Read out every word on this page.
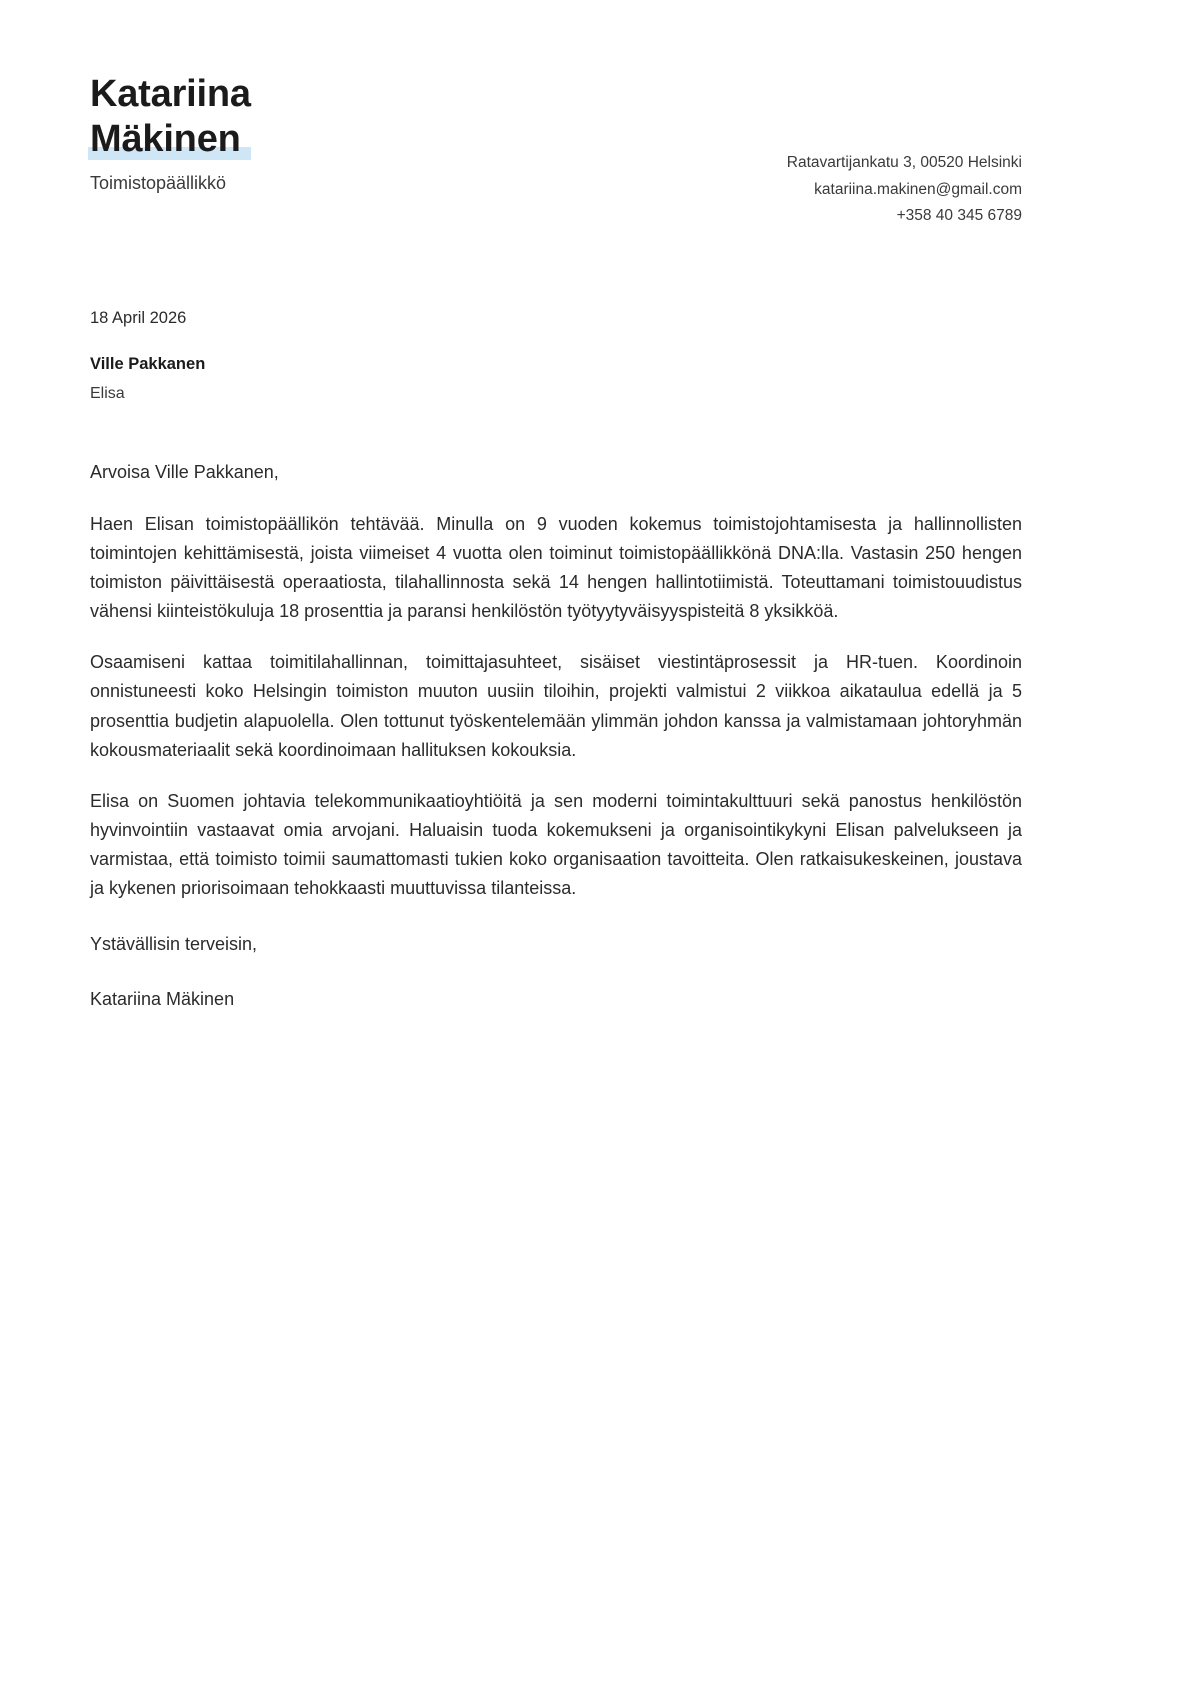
Katariina
Mäkinen

Toimistopäällikkö

Ratavartijankatu 3, 00520 Helsinki
katariina.makinen@gmail.com
+358 40 345 6789
18 April 2026
Ville Pakkanen
Elisa
Arvoisa Ville Pakkanen,

Haen Elisan toimistopäällikön tehtävää. Minulla on 9 vuoden kokemus toimistojohtamisesta ja hallinnollisten toimintojen kehittämisestä, joista viimeiset 4 vuotta olen toiminut toimistopäällikkönä DNA:lla. Vastasin 250 hengen toimiston päivittäisestä operaatiosta, tilahallinnosta sekä 14 hengen hallintotiimistä. Toteuttamani toimistouudistus vähensi kiinteistökuluja 18 prosenttia ja paransi henkilöstön työtyytyväisyyspisteitä 8 yksikköä.

Osaamiseni kattaa toimitilahallinnan, toimittajasuhteet, sisäiset viestintäprosessit ja HR-tuen. Koordinoin onnistuneesti koko Helsingin toimiston muuton uusiin tiloihin, projekti valmistui 2 viikkoa aikataulua edellä ja 5 prosenttia budjetin alapuolella. Olen tottunut työskentelemään ylimmän johdon kanssa ja valmistamaan johtoryhmän kokousmateriaalit sekä koordinoimaan hallituksen kokouksia.

Elisa on Suomen johtavia telekommunikaatioyhtiöitä ja sen moderni toimintakulttuuri sekä panostus henkilöstön hyvinvointiin vastaavat omia arvojani. Haluaisin tuoda kokemukseni ja organisointikykyni Elisan palvelukseen ja varmistaa, että toimisto toimii saumattomasti tukien koko organisaation tavoitteita. Olen ratkaisukeskeinen, joustava ja kykenen priorisoimaan tehokkaasti muuttuvissa tilanteissa.

Ystävällisin terveisin,
Katariina Mäkinen
